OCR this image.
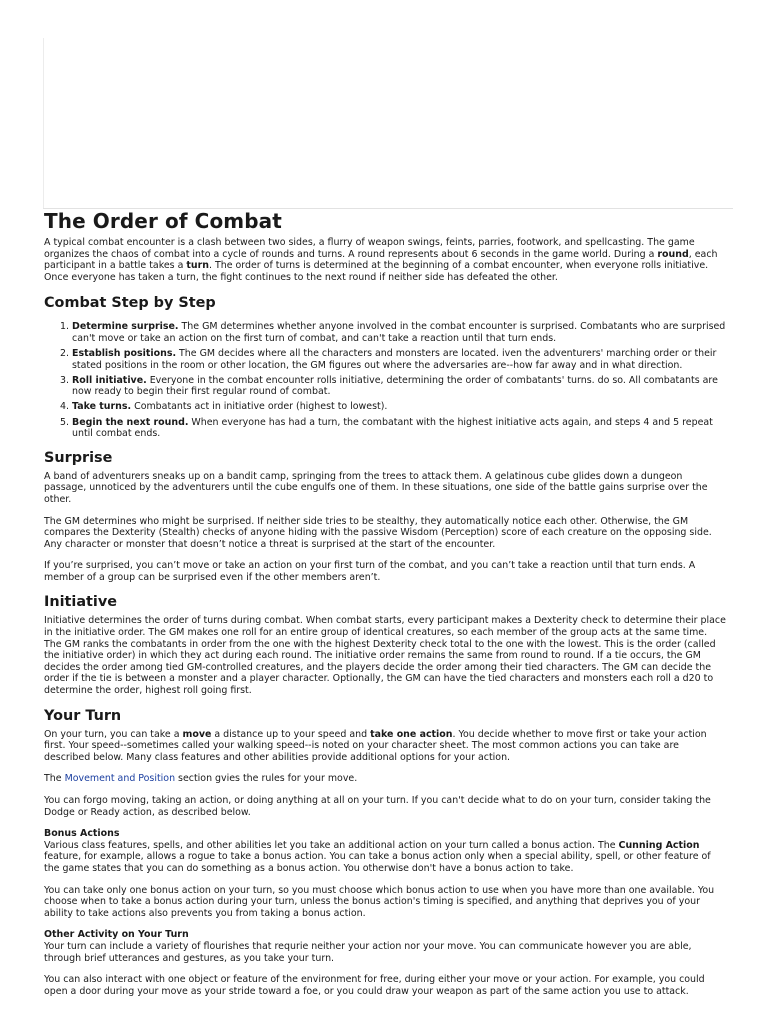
The Order of Combat

A typical combat encounter is a clash between two sides, a flurry of weapon swings, feints, parries, footwork, and spellcasting. The game organizes the chaos of combat into a cycle of rounds and turns. A round represents about 6 seconds in the game world. During a round, each participant in a battle takes a turn. The order of turns is determined at the beginning of a combat encounter, when everyone rolls initiative. Once everyone has taken a turn, the fight continues to the next round if neither side has defeated the other.

Combat Step by Step
1. Determine surprise. The GM determines whether anyone involved in the combat encounter is surprised. Combatants who are surprised can't move or take an action on the first turn of combat, and can't take a reaction until that turn ends.
2. Establish positions. The GM decides where all the characters and monsters are located. iven the adventurers' marching order or their stated positions in the room or other location, the GM figures out where the adversaries are--how far away and in what direction.
3. Roll initiative. Everyone in the combat encounter rolls initiative, determining the order of combatants' turns. do so. All combatants are now ready to begin their first regular round of combat.
4. Take turns. Combatants act in initiative order (highest to lowest).
5. Begin the next round. When everyone has had a turn, the combatant with the highest initiative acts again, and steps 4 and 5 repeat until combat ends.
Surprise

A band of adventurers sneaks up on a bandit camp, springing from the trees to attack them. A gelatinous cube glides down a dungeon passage, unnoticed by the adventurers until the cube engulfs one of them. In these situations, one side of the battle gains surprise over the other.

The GM determines who might be surprised. If neither side tries to be stealthy, they automatically notice each other. Otherwise, the GM compares the Dexterity (Stealth) checks of anyone hiding with the passive Wisdom (Perception) score of each creature on the opposing side. Any character or monster that doesn’t notice a threat is surprised at the start of the encounter.

If you’re surprised, you can’t move or take an action on your first turn of the combat, and you can’t take a reaction until that turn ends. A member of a group can be surprised even if the other members aren’t.

Initiative

Initiative determines the order of turns during combat. When combat starts, every participant makes a Dexterity check to determine their place in the initiative order. The GM makes one roll for an entire group of identical creatures, so each member of the group acts at the same time. The GM ranks the combatants in order from the one with the highest Dexterity check total to the one with the lowest. This is the order (called the initiative order) in which they act during each round. The initiative order remains the same from round to round. If a tie occurs, the GM decides the order among tied GM-controlled creatures, and the players decide the order among their tied characters. The GM can decide the order if the tie is between a monster and a player character. Optionally, the GM can have the tied characters and monsters each roll a d20 to determine the order, highest roll going first.

Your Turn

On your turn, you can take a move a distance up to your speed and take one action. You decide whether to move first or take your action first. Your speed--sometimes called your walking speed--is noted on your character sheet. The most common actions you can take are described below. Many class features and other abilities provide additional options for your action.

The Movement and Position section gvies the rules for your move.

You can forgo moving, taking an action, or doing anything at all on your turn. If you can't decide what to do on your turn, consider taking the Dodge or Ready action, as described below.

Bonus Actions

Various class features, spells, and other abilities let you take an additional action on your turn called a bonus action. The Cunning Action feature, for example, allows a rogue to take a bonus action. You can take a bonus action only when a special ability, spell, or other feature of the game states that you can do something as a bonus action. You otherwise don't have a bonus action to take.

You can take only one bonus action on your turn, so you must choose which bonus action to use when you have more than one available. You choose when to take a bonus action during your turn, unless the bonus action's timing is specified, and anything that deprives you of your ability to take actions also prevents you from taking a bonus action.

Other Activity on Your Turn

Your turn can include a variety of flourishes that requrie neither your action nor your move. You can communicate however you are able, through brief utterances and gestures, as you take your turn.

You can also interact with one object or feature of the environment for free, during either your move or your action. For example, you could open a door during your move as your stride toward a foe, or you could draw your weapon as part of the same action you use to attack.
